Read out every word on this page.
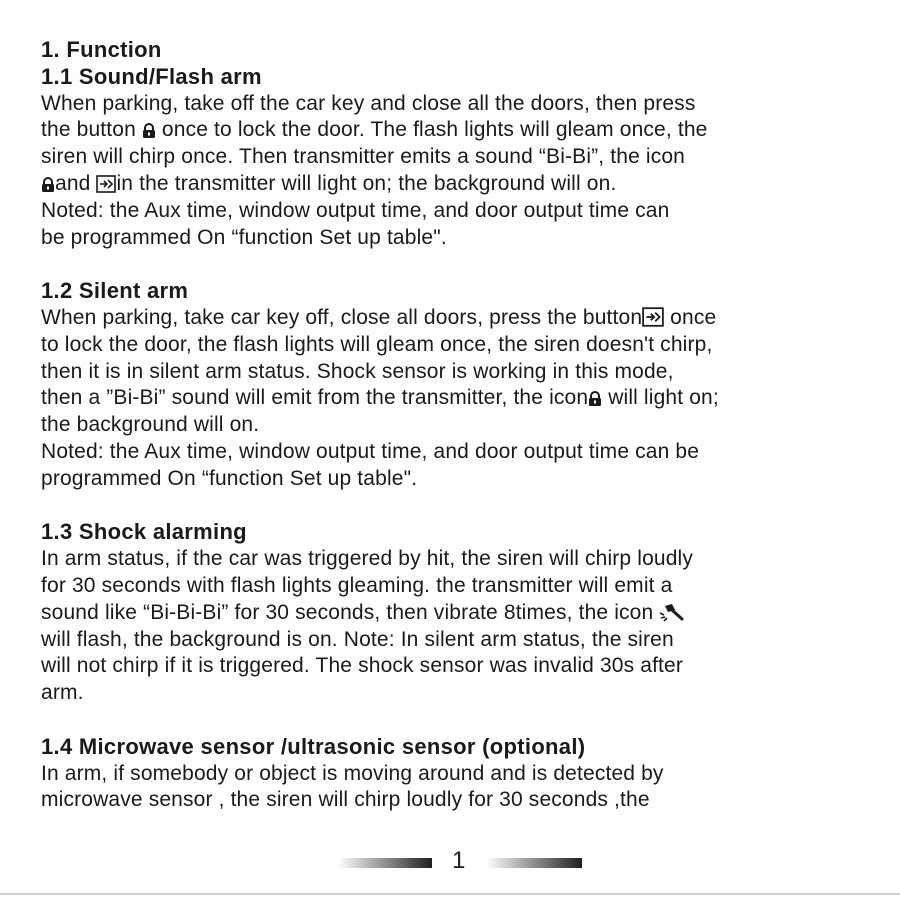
1. Function
1.1 Sound/Flash arm
When parking, take off the car key and close all the doors, then press
the button  once to lock the door. The flash lights will gleam once, the
siren will chirp once. Then transmitter emits a sound “Bi-Bi”, the icon
and in the transmitter will light on; the background will on.
Noted: the Aux time, window output time, and door output time can
be programmed On “function Set up table".
1.2 Silent arm
When parking, take car key off, close all doors, press the button once
to lock the door, the flash lights will gleam once, the siren doesn't chirp,
then it is in silent arm status. Shock sensor is working in this mode,
then a ”Bi-Bi” sound will emit from the transmitter, the icon will light on;
the background will on.
Noted: the Aux time, window output time, and door output time can be
programmed On “function Set up table".
1.3 Shock alarming
In arm status, if the car was triggered by hit, the siren will chirp loudly
for 30 seconds with flash lights gleaming. the transmitter will emit a
sound like “Bi-Bi-Bi” for 30 seconds, then vibrate 8times, the icon
will flash, the background is on. Note: In silent arm status, the siren
will not chirp if it is triggered. The shock sensor was invalid 30s after
arm.
1.4 Microwave sensor /ultrasonic sensor (optional)
In arm, if somebody or object is moving around and is detected by
microwave sensor , the siren will chirp loudly for 30 seconds ,the
1
